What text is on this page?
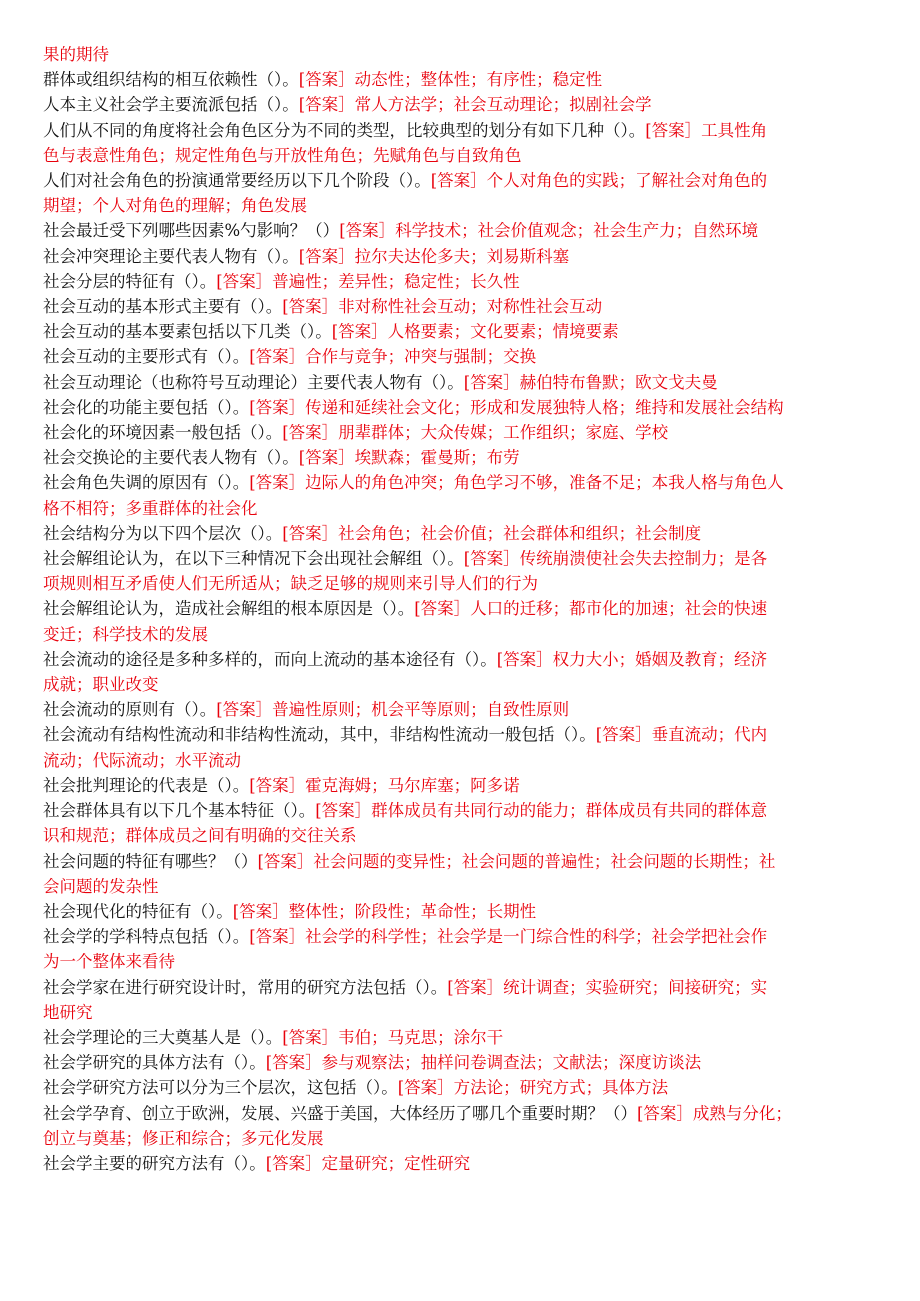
果的期待
群体或组织结构的相互依赖性（）。[答案］动态性；整体性；有序性；稳定性
人本主义社会学主要流派包括（）。[答案］常人方法学；社会互动理论；拟剧社会学
人们从不同的角度将社会角色区分为不同的类型，比较典型的划分有如下几种（）。[答案］工具性角
色与表意性角色；规定性角色与开放性角色；先赋角色与自致角色
人们对社会角色的扮演通常要经历以下几个阶段（）。[答案］个人对角色的实践；了解社会对角色的
期望；个人对角色的理解；角色发展
社会最迁受下列哪些因素%勺影响？（）[答案］科学技术；社会价值观念；社会生产力；自然环境
社会冲突理论主要代表人物有（）。[答案］拉尔夫达伦多夫；刘易斯科塞
社会分层的特征有（）。[答案］普遍性；差异性；稳定性；长久性
社会互动的基本形式主要有（）。[答案］非对称性社会互动；对称性社会互动
社会互动的基本要素包括以下几类（）。[答案］人格要素；文化要素；情境要素
社会互动的主要形式有（）。[答案］合作与竞争；冲突与强制；交换
社会互动理论（也称符号互动理论）主要代表人物有（）。[答案］赫伯特布鲁默；欧文戈夫曼
社会化的功能主要包括（）。[答案］传递和延续社会文化；形成和发展独特人格；维持和发展社会结构
社会化的环境因素一般包括（）。[答案］朋辈群体；大众传媒；工作组织；家庭、学校
社会交换论的主要代表人物有（）。[答案］埃默森；霍曼斯；布劳
社会角色失调的原因有（）。[答案］边际人的角色冲突；角色学习不够，准备不足；本我人格与角色人
格不相符；多重群体的社会化
社会结构分为以下四个层次（）。[答案］社会角色；社会价值；社会群体和组织；社会制度
社会解组论认为，在以下三种情况下会出现社会解组（）。[答案］传统崩溃使社会失去控制力；是各
项规则相互矛盾使人们无所适从；缺乏足够的规则来引导人们的行为
社会解组论认为，造成社会解组的根本原因是（）。[答案］人口的迁移；都市化的加速；社会的快速
变迁；科学技术的发展
社会流动的途径是多种多样的，而向上流动的基本途径有（）。[答案］权力大小；婚姻及教育；经济
成就；职业改变
社会流动的原则有（）。[答案］普遍性原则；机会平等原则；自致性原则
社会流动有结构性流动和非结构性流动，其中，非结构性流动一般包括（）。[答案］垂直流动；代内
流动；代际流动；水平流动
社会批判理论的代表是（）。[答案］霍克海姆；马尔库塞；阿多诺
社会群体具有以下几个基本特征（）。[答案］群体成员有共同行动的能力；群体成员有共同的群体意
识和规范；群体成员之间有明确的交往关系
社会问题的特征有哪些？（）[答案］社会问题的变异性；社会问题的普遍性；社会问题的长期性；社
会问题的发杂性
社会现代化的特征有（）。[答案］整体性；阶段性；革命性；长期性
社会学的学科特点包括（）。[答案］社会学的科学性；社会学是一门综合性的科学；社会学把社会作
为一个整体来看待
社会学家在进行研究设计时，常用的研究方法包括（）。[答案］统计调查；实验研究；间接研究；实
地研究
社会学理论的三大奠基人是（）。[答案］韦伯；马克思；涂尔干
社会学研究的具体方法有（）。[答案］参与观察法；抽样问卷调查法；文献法；深度访谈法
社会学研究方法可以分为三个层次，这包括（）。[答案］方法论；研究方式；具体方法
社会学孕育、创立于欧洲，发展、兴盛于美国，大体经历了哪几个重要时期？（）[答案］成熟与分化；
创立与奠基；修正和综合；多元化发展
社会学主要的研究方法有（）。[答案］定量研究；定性研究
